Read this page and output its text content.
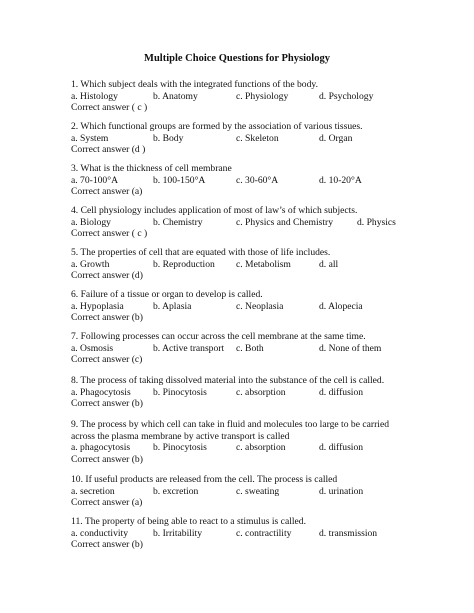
Multiple Choice Questions for Physiology
1. Which subject deals with the integrated functions of the body.
a. Histology	b. Anatomy	c. Physiology	d. Psychology
Correct answer ( c )
2. Which functional groups are formed by the association of various tissues.
a. System	b. Body	c. Skeleton	d. Organ
Correct answer (d )
3. What is the thickness of cell membrane
a. 70-100°A	b. 100-150°A	c. 30-60°A	d. 10-20°A
Correct answer (a)
4. Cell physiology includes application of most of law’s of which subjects.
a. Biology	b. Chemistry	c. Physics and Chemistry	d. Physics
Correct answer ( c )
5. The properties of cell that are equated with those of life includes.
a. Growth	b. Reproduction c. Metabolism	d. all
Correct answer (d)
6. Failure of a tissue or organ to develop is called.
a. Hypoplasia	b. Aplasia	c. Neoplasia	d. Alopecia
Correct answer (b)
7. Following processes can occur across the cell membrane at the same time.
a. Osmosis	b. Active transport c. Both	d. None of them
Correct answer (c)
8. The process of taking dissolved material into the substance of the cell is called.
a. Phagocytosis b. Pinocytosis	c. absorption	d. diffusion
Correct answer (b)
9. The process by which cell can take in fluid and molecules too large to be carried across the plasma membrane by active transport is called
a. phagocytosis b. Pinocytosis	c. absorption	d. diffusion
Correct answer (b)
10. If useful products are released from the cell. The process is called
a. secretion	b. excretion	c. sweating	d. urination
Correct answer (a)
11. The property of being able to react to a stimulus is called.
a. conductivity	b. Irritability	c. contractility	d. transmission
Correct answer (b)
